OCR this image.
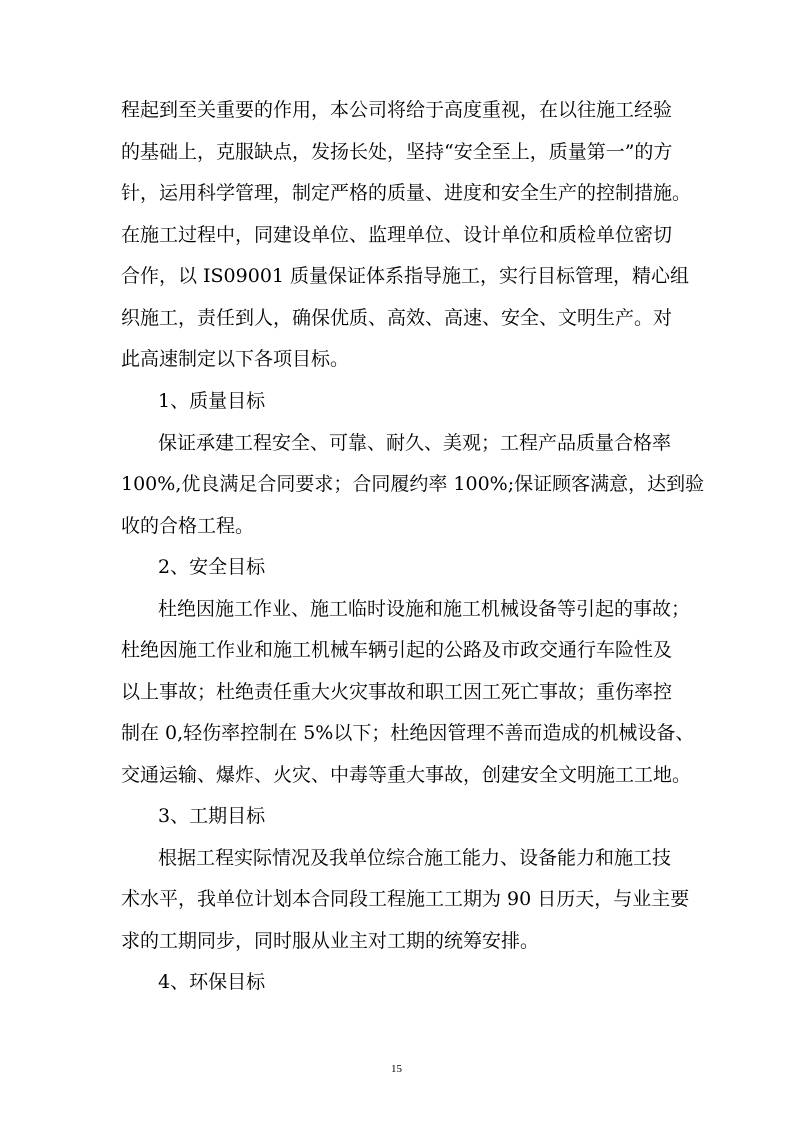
程起到至关重要的作用，本公司将给于高度重视，在以往施工经验
的基础上，克服缺点，发扬长处，坚持“安全至上，质量第一”的方
针，运用科学管理，制定严格的质量、进度和安全生产的控制措施。
在施工过程中，同建设单位、监理单位、设计单位和质检单位密切
合作，以 IS09001 质量保证体系指导施工，实行目标管理，精心组
织施工，责任到人，确保优质、高效、高速、安全、文明生产。对
此高速制定以下各项目标。
1、质量目标
保证承建工程安全、可靠、耐久、美观；工程产品质量合格率
100%,优良满足合同要求；合同履约率 100%;保证顾客满意，达到验
收的合格工程。
2、安全目标
杜绝因施工作业、施工临时设施和施工机械设备等引起的事故；
杜绝因施工作业和施工机械车辆引起的公路及市政交通行车险性及
以上事故；杜绝责任重大火灾事故和职工因工死亡事故；重伤率控
制在 0,轻伤率控制在 5%以下；杜绝因管理不善而造成的机械设备、
交通运输、爆炸、火灾、中毒等重大事故，创建安全文明施工工地。
3、工期目标
根据工程实际情况及我单位综合施工能力、设备能力和施工技
术水平，我单位计划本合同段工程施工工期为 90 日历天，与业主要
求的工期同步，同时服从业主对工期的统筹安排。
4、环保目标
15
